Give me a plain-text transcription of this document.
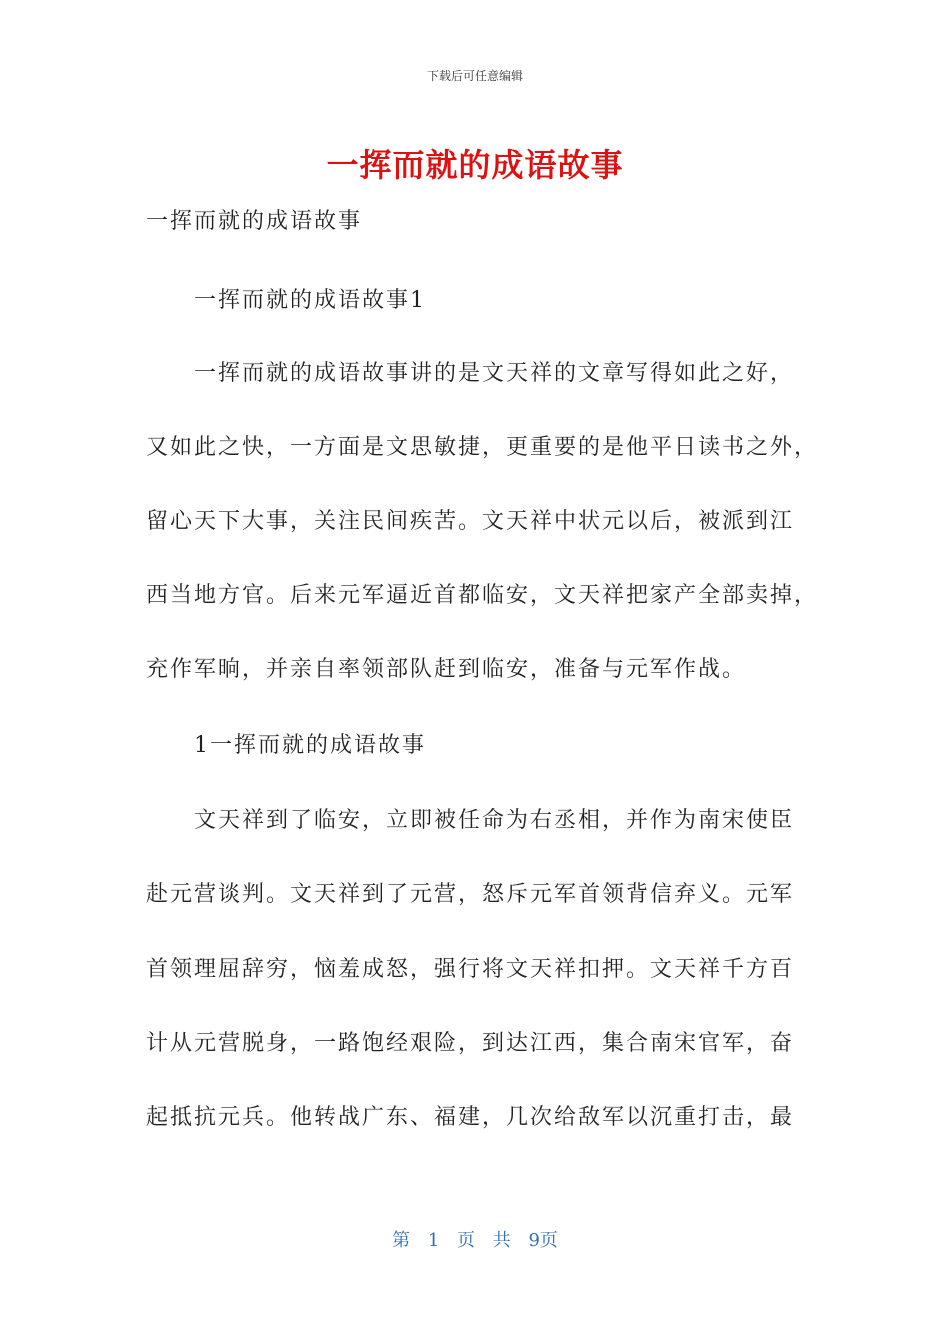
下载后可任意编辑
一挥而就的成语故事
一挥而就的成语故事
一挥而就的成语故事1
一挥而就的成语故事讲的是文天祥的文章写得如此之好，
又如此之快，一方面是文思敏捷，更重要的是他平日读书之外，
留心天下大事，关注民间疾苦。文天祥中状元以后，被派到江
西当地方官。后来元军逼近首都临安，文天祥把家产全部卖掉，
充作军晌，并亲自率领部队赶到临安，准备与元军作战。
1一挥而就的成语故事
文天祥到了临安，立即被任命为右丞相，并作为南宋使臣
赴元营谈判。文天祥到了元营，怒斥元军首领背信弃义。元军
首领理屈辞穷，恼羞成怒，强行将文天祥扣押。文天祥千方百
计从元营脱身，一路饱经艰险，到达江西，集合南宋官军，奋
起抵抗元兵。他转战广东、福建，几次给敌军以沉重打击，最
第 1 页 共 9页
